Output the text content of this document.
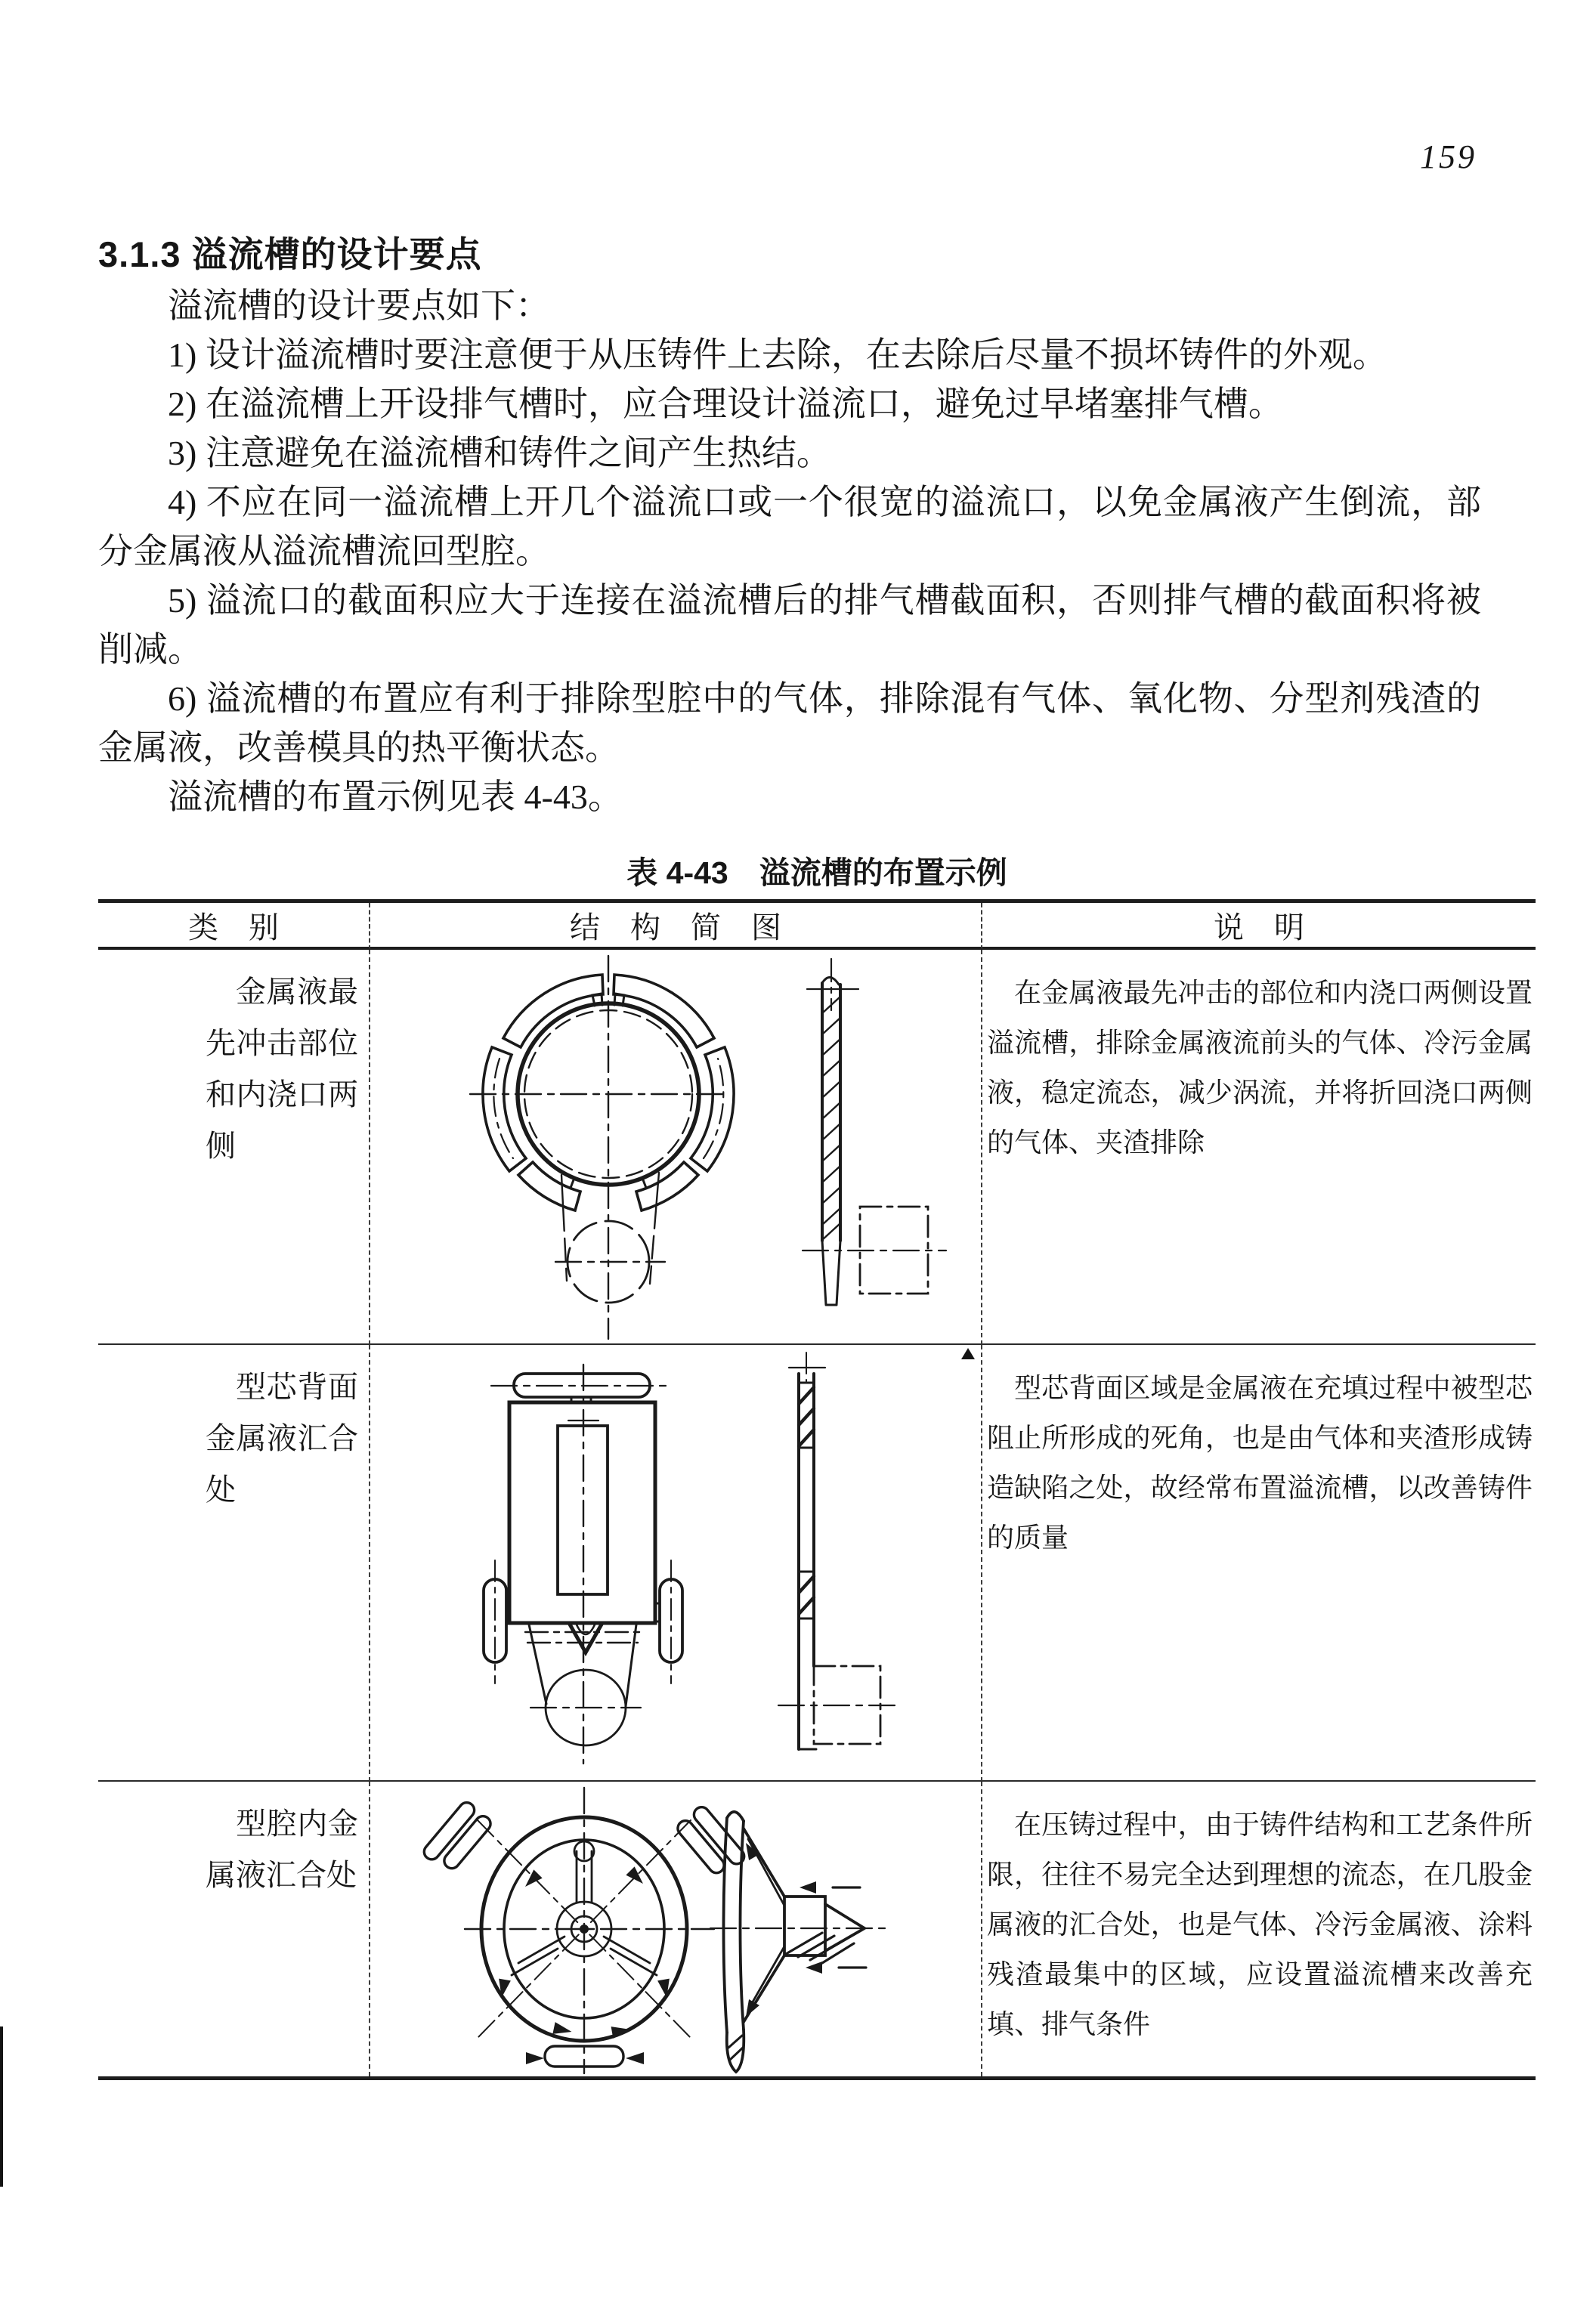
159
3.1.3 溢流槽的设计要点

溢流槽的设计要点如下：

1) 设计溢流槽时要注意便于从压铸件上去除，在去除后尽量不损坏铸件的外观。

2) 在溢流槽上开设排气槽时，应合理设计溢流口，避免过早堵塞排气槽。

3) 注意避免在溢流槽和铸件之间产生热结。

4) 不应在同一溢流槽上开几个溢流口或一个很宽的溢流口，以免金属液产生倒流，部分金属液从溢流槽流回型腔。

5) 溢流口的截面积应大于连接在溢流槽后的排气槽截面积，否则排气槽的截面积将被削减。

6) 溢流槽的布置应有利于排除型腔中的气体，排除混有气体、氧化物、分型剂残渣的金属液，改善模具的热平衡状态。

溢流槽的布置示例见表 4-43。

表 4-43　溢流槽的布置示例
类　别	结　构　简　图	说　明
金属液最先冲击部位和内浇口两侧
在金属液最先冲击的部位和内浇口两侧设置溢流槽，排除金属液流前头的气体、冷污金属液，稳定流态，减少涡流，并将折回浇口两侧的气体、夹渣排除
型芯背面金属液汇合处
型芯背面区域是金属液在充填过程中被型芯阻止所形成的死角，也是由气体和夹渣形成铸造缺陷之处，故经常布置溢流槽，以改善铸件的质量
型腔内金属液汇合处
在压铸过程中，由于铸件结构和工艺条件所限，往往不易完全达到理想的流态，在几股金属液的汇合处，也是气体、冷污金属液、涂料残渣最集中的区域，应设置溢流槽来改善充填、排气条件
